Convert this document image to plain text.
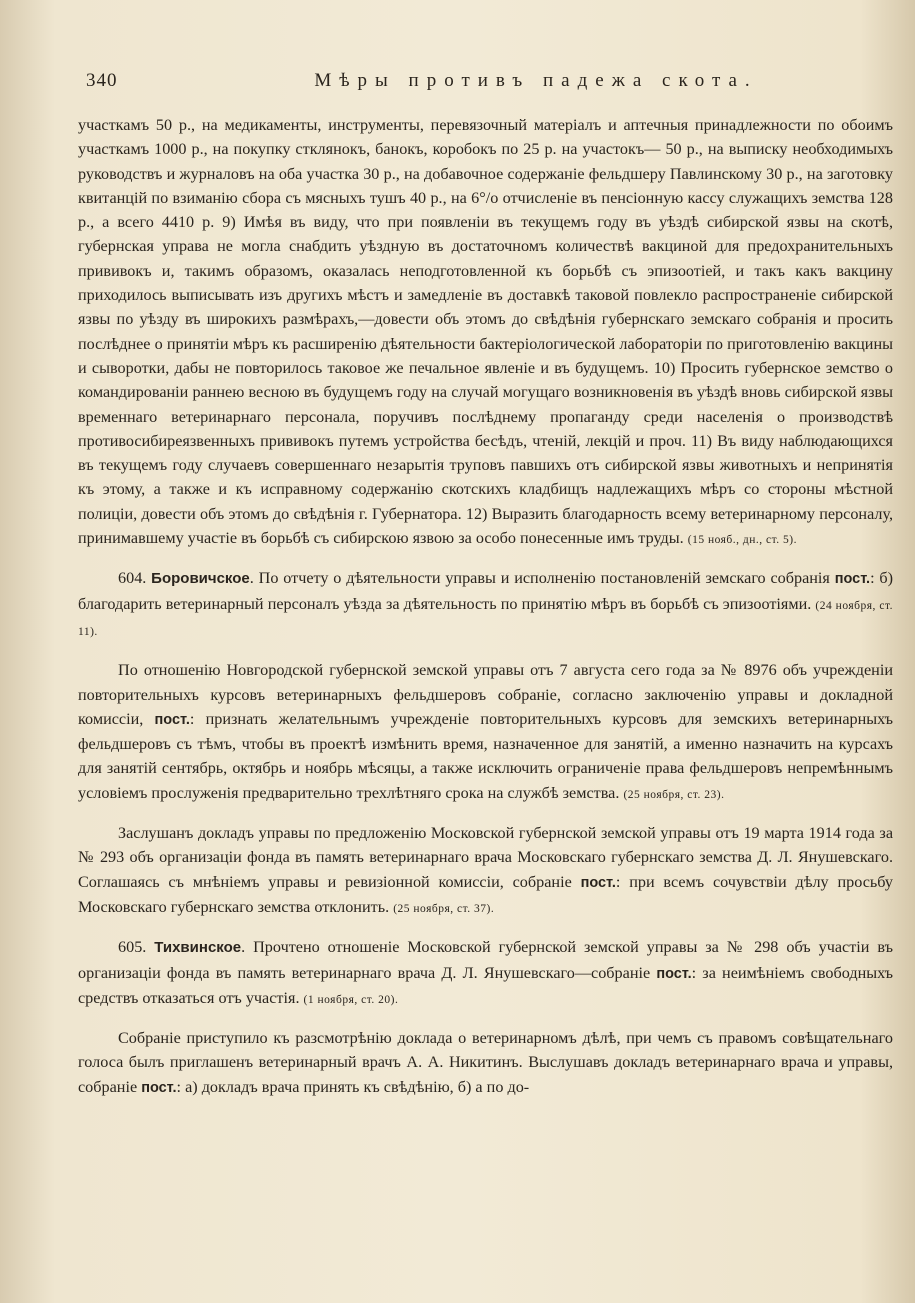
340	Мѣры противъ падежа скота.

участкамъ 50 р., на медикаменты, инструменты, перевязочный матеріалъ и аптечныя принадлежности по обоимъ участкамъ 1000 р., на покупку стклянокъ, банокъ, коробокъ по 25 р. на участокъ— 50 р., на выписку необходимыхъ руководствъ и журналовъ на оба участка 30 р., на добавочное содержаніе фельдшеру Павлинскому 30 р., на заготовку квитанцій по взиманію сбора съ мясныхъ тушъ 40 р., на 6°/o отчисленіе въ пенсіонную кассу служащихъ земства 128 р., а всего 4410 р. 9) Имѣя въ виду, что при появленіи въ текущемъ году въ уѣздѣ сибирской язвы на скотѣ, губернская управа не могла снабдить уѣздную въ достаточномъ количествѣ вакциной для предохранительныхъ прививокъ и, такимъ образомъ, оказалась неподготовленной къ борьбѣ съ эпизоотіей, и такъ какъ вакцину приходилось выписывать изъ другихъ мѣстъ и замедленіе въ доставкѣ таковой повлекло распространеніе сибирской язвы по уѣзду въ широкихъ размѣрахъ,—довести объ этомъ до свѣдѣнія губернскаго земскаго собранія и просить послѣднее о принятіи мѣръ къ расширенію дѣятельности бактеріологической лабораторіи по приготовленію вакцины и сыворотки, дабы не повторилось таковое же печальное явленіе и въ будущемъ. 10) Просить губернское земство о командированіи раннею весною въ будущемъ году на случай могущаго возникновенія въ уѣздѣ вновь сибирской язвы временнаго ветеринарнаго персонала, поручивъ послѣднему пропаганду среди населенія о производствѣ противосибиреязвенныхъ прививокъ путемъ устройства бесѣдъ, чтеній, лекцій и проч. 11) Въ виду наблюдающихся въ текущемъ году случаевъ совершеннаго незарытія труповъ павшихъ отъ сибирской язвы животныхъ и непринятія къ этому, а также и къ исправному содержанію скотскихъ кладбищъ надлежащихъ мѣръ со стороны мѣстной полиціи, довести объ этомъ до свѣдѣнія г. Губернатора. 12) Выразить благодарность всему ветеринарному персоналу, принимавшему участіе въ борьбѣ съ сибирскою язвою за особо понесенные имъ труды. (15 нояб., дн., ст. 5).

604. Боровичское. По отчету о дѣятельности управы и исполненію постановленій земскаго собранія пост.: б) благодарить ветеринарный персоналъ уѣзда за дѣятельность по принятію мѣръ въ борьбѣ съ эпизоотіями. (24 ноября, ст. 11).

По отношенію Новгородской губернской земской управы отъ 7 августа сего года за № 8976 объ учрежденіи повторительныхъ курсовъ ветеринарныхъ фельдшеровъ собраніе, согласно заключенію управы и докладной комиссіи, пост.: признать желательнымъ учрежденіе повторительныхъ курсовъ для земскихъ ветеринарныхъ фельдшеровъ съ тѣмъ, чтобы въ проектѣ измѣнить время, назначенное для занятій, а именно назначить на курсахъ для занятій сентябрь, октябрь и ноябрь мѣсяцы, а также исключить ограниченіе права фельдшеровъ непремѣннымъ условіемъ прослуженія предварительно трехлѣтняго срока на службѣ земства. (25 ноября, ст. 23).

Заслушанъ докладъ управы по предложенію Московской губернской земской управы отъ 19 марта 1914 года за № 293 объ организаціи фонда въ память ветеринарнаго врача Московскаго губернскаго земства Д. Л. Янушевскаго. Соглашаясь съ мнѣніемъ управы и ревизіонной комиссіи, собраніе пост.: при всемъ сочувствіи дѣлу просьбу Московскаго губернскаго земства отклонить. (25 ноября, ст. 37).

605. Тихвинское. Прочтено отношеніе Московской губернской земской управы за № 298 объ участіи въ организаціи фонда въ память ветеринарнаго врача Д. Л. Янушевскаго—собраніе пост.: за неимѣніемъ свободныхъ средствъ отказаться отъ участія. (1 ноября, ст. 20).

Собраніе приступило къ разсмотрѣнію доклада о ветеринарномъ дѣлѣ, при чемъ съ правомъ совѣщательнаго голоса былъ приглашенъ ветеринарный врачъ А. А. Никитинъ. Выслушавъ докладъ ветеринарнаго врача и управы, собраніе пост.: а) докладъ врача принять къ свѣдѣнію, б) а по до-
